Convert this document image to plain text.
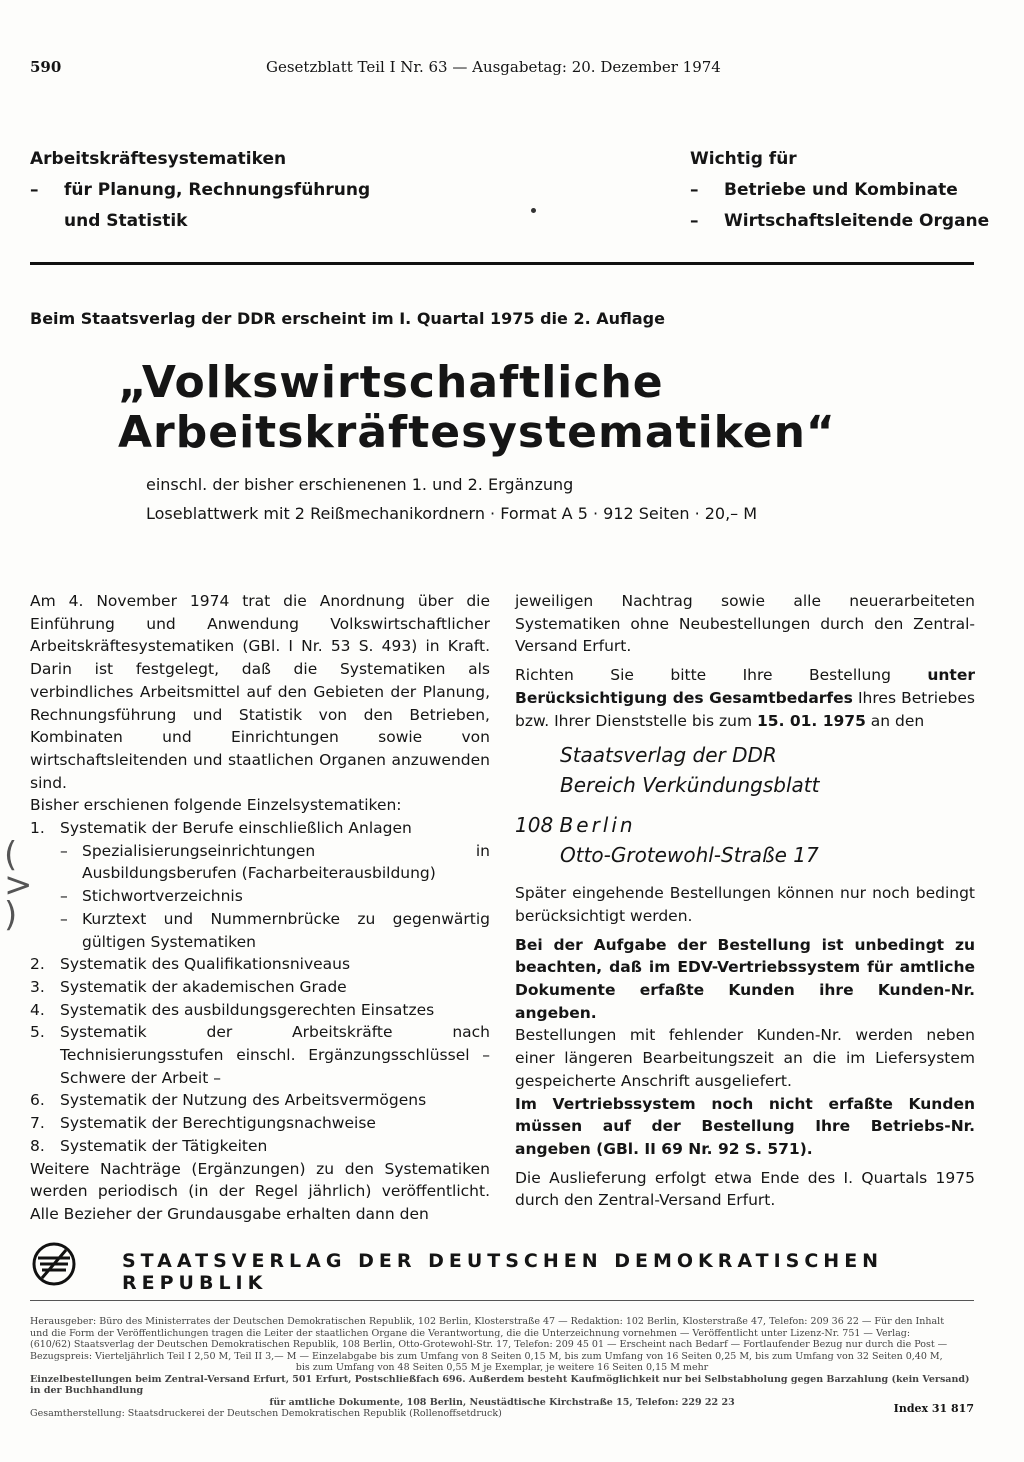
590	Gesetzblatt Teil I Nr. 63 — Ausgabetag: 20. Dezember 1974
Arbeitskräftesystematiken
– für Planung, Rechnungsführung
und Statistik
Wichtig für
– Betriebe und Kombinate
– Wirtschaftsleitende Organe
Beim Staatsverlag der DDR erscheint im I. Quartal 1975 die 2. Auflage
„Volkswirtschaftliche
Arbeitskräftesystematiken“
einschl. der bisher erschienenen 1. und 2. Ergänzung
Loseblattwerk mit 2 Reißmechanikordnern · Format A 5 · 912 Seiten · 20,– M
(
>
)

Am 4. November 1974 trat die Anordnung über die Einführung und Anwendung Volkswirtschaftlicher Arbeitskräftesystematiken (GBl. I Nr. 53 S. 493) in Kraft. Darin ist festgelegt, daß die Systematiken als verbindliches Arbeitsmittel auf den Gebieten der Planung, Rechnungsführung und Statistik von den Betrieben, Kombinaten und Einrichtungen sowie von wirtschaftsleitenden und staatlichen Organen anzuwenden sind.

Bisher erschienen folgende Einzelsystematiken:

1. Systematik der Berufe einschließlich Anlagen
– Spezialisierungseinrichtungen in Ausbildungsberufen (Facharbeiterausbildung)
– Stichwortverzeichnis
– Kurztext und Nummernbrücke zu gegenwärtig gültigen Systematiken
2. Systematik des Qualifikationsniveaus
3. Systematik der akademischen Grade
4. Systematik des ausbildungsgerechten Einsatzes
5. Systematik der Arbeitskräfte nach Technisierungsstufen einschl. Ergänzungsschlüssel – Schwere der Arbeit –
6. Systematik der Nutzung des Arbeitsvermögens
7. Systematik der Berechtigungsnachweise
8. Systematik der Tätigkeiten

Weitere Nachträge (Ergänzungen) zu den Systematiken werden periodisch (in der Regel jährlich) veröffentlicht. Alle Bezieher der Grundausgabe erhalten dann den

jeweiligen Nachtrag sowie alle neuerarbeiteten Systematiken ohne Neubestellungen durch den Zentral-Versand Erfurt.

Richten Sie bitte Ihre Bestellung unter Berücksichtigung des Gesamtbedarfes Ihres Betriebes bzw. Ihrer Dienststelle bis zum 15. 01. 1975 an den

Staatsverlag der DDR
Bereich Verkündungsblatt
108 Berlin
Otto-Grotewohl-Straße 17

Später eingehende Bestellungen können nur noch bedingt berücksichtigt werden.

Bei der Aufgabe der Bestellung ist unbedingt zu beachten, daß im EDV-Vertriebssystem für amtliche Dokumente erfaßte Kunden ihre Kunden-Nr. angeben.

Bestellungen mit fehlender Kunden-Nr. werden neben einer längeren Bearbeitungszeit an die im Liefersystem gespeicherte Anschrift ausgeliefert.

Im Vertriebssystem noch nicht erfaßte Kunden müssen auf der Bestellung Ihre Betriebs-Nr. angeben (GBl. II 69 Nr. 92 S. 571).

Die Auslieferung erfolgt etwa Ende des I. Quartals 1975 durch den Zentral-Versand Erfurt.

STAATSVERLAG DER DEUTSCHEN DEMOKRATISCHEN REPUBLIK
Herausgeber: Büro des Ministerrates der Deutschen Demokratischen Republik, 102 Berlin, Klosterstraße 47 — Redaktion: 102 Berlin, Klosterstraße 47, Telefon: 209 36 22 — Für den Inhalt
und die Form der Veröffentlichungen tragen die Leiter der staatlichen Organe die Verantwortung, die die Unterzeichnung vornehmen — Veröffentlicht unter Lizenz-Nr. 751 — Verlag:
(610/62) Staatsverlag der Deutschen Demokratischen Republik, 108 Berlin, Otto-Grotewohl-Str. 17, Telefon: 209 45 01 — Erscheint nach Bedarf — Fortlaufender Bezug nur durch die Post —
Bezugspreis: Vierteljährlich Teil I 2,50 M, Teil II 3,— M — Einzelabgabe bis zum Umfang von 8 Seiten 0,15 M, bis zum Umfang von 16 Seiten 0,25 M, bis zum Umfang von 32 Seiten 0,40 M,
bis zum Umfang von 48 Seiten 0,55 M je Exemplar, je weitere 16 Seiten 0,15 M mehr
Einzelbestellungen beim Zentral-Versand Erfurt, 501 Erfurt, Postschließfach 696. Außerdem besteht Kaufmöglichkeit nur bei Selbstabholung gegen Barzahlung (kein Versand) in der Buchhandlung
für amtliche Dokumente, 108 Berlin, Neustädtische Kirchstraße 15, Telefon: 229 22 23
Gesamtherstellung: Staatsdruckerei der Deutschen Demokratischen Republik (Rollenoffsetdruck)	Index 31 817
